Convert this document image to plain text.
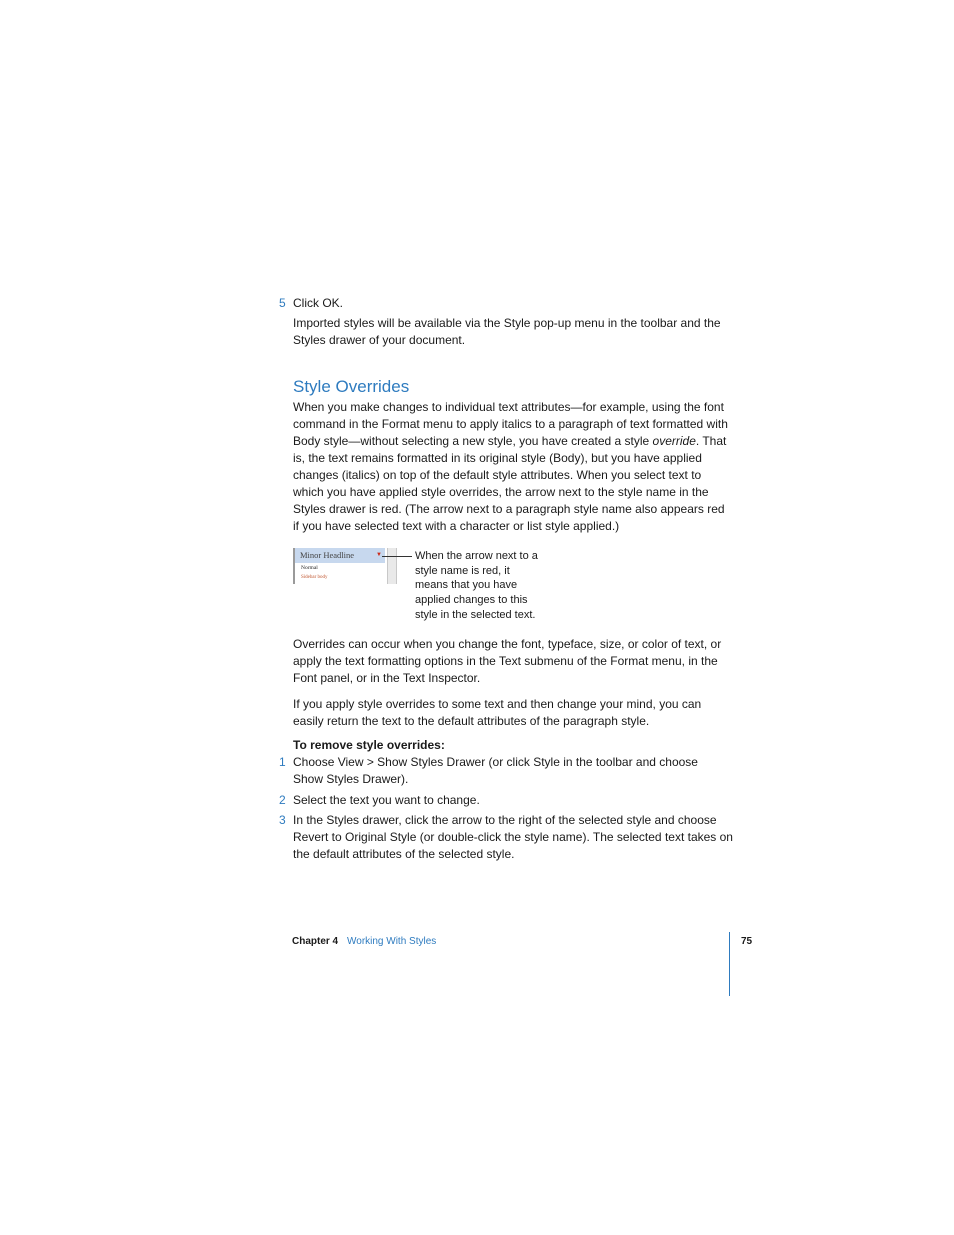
5 Click OK.
Imported styles will be available via the Style pop-up menu in the toolbar and the Styles drawer of your document.
Style Overrides
When you make changes to individual text attributes—for example, using the font command in the Format menu to apply italics to a paragraph of text formatted with Body style—without selecting a new style, you have created a style override. That is, the text remains formatted in its original style (Body), but you have applied changes (italics) on top of the default style attributes. When you select text to which you have applied style overrides, the arrow next to the style name in the Styles drawer is red. (The arrow next to a paragraph style name also appears red if you have selected text with a character or list style applied.)
Minor Headline	▼
Normal
Sidebar body
When the arrow next to a style name is red, it means that you have applied changes to this style in the selected text.
Overrides can occur when you change the font, typeface, size, or color of text, or apply the text formatting options in the Text submenu of the Format menu, in the Font panel, or in the Text Inspector.
If you apply style overrides to some text and then change your mind, you can easily return the text to the default attributes of the paragraph style.
To remove style overrides:
1 Choose View > Show Styles Drawer (or click Style in the toolbar and choose Show Styles Drawer).
2 Select the text you want to change.
3 In the Styles drawer, click the arrow to the right of the selected style and choose Revert to Original Style (or double-click the style name). The selected text takes on the default attributes of the selected style.
Chapter 4 Working With Styles	75
